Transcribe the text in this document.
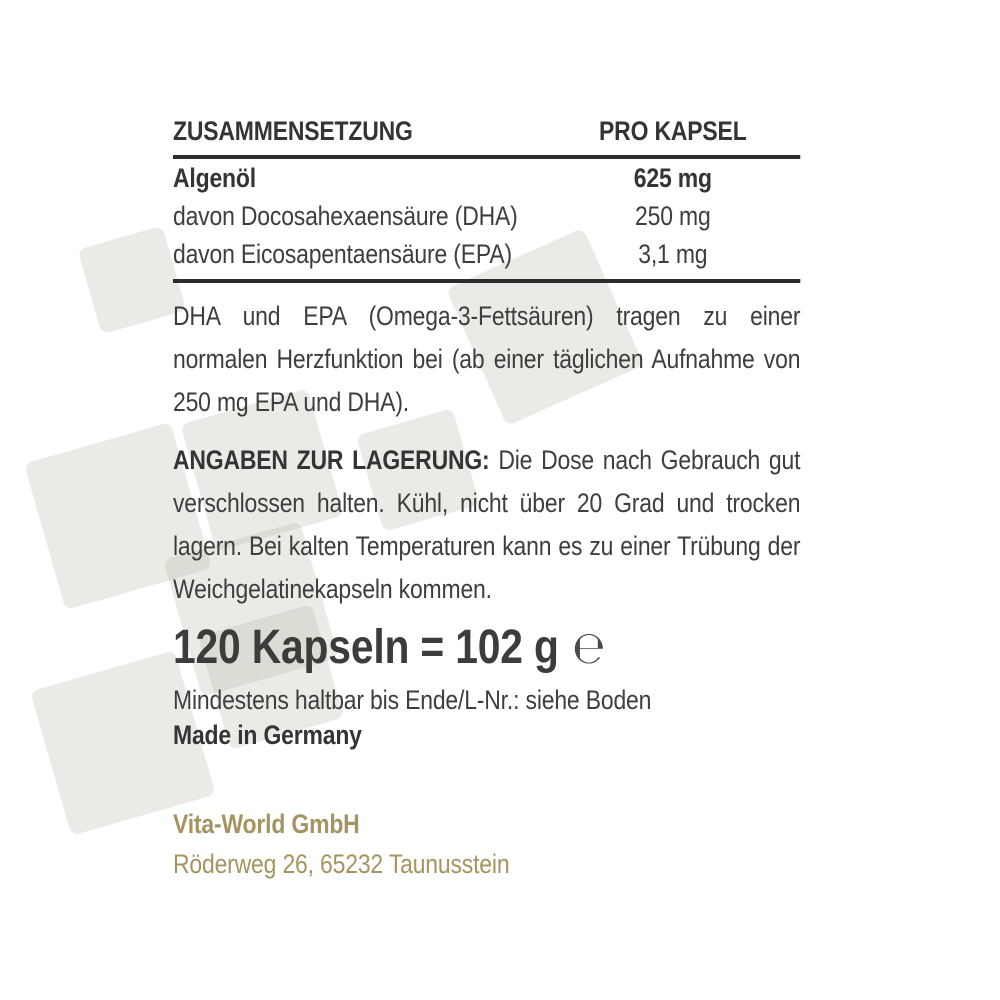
ZUSAMMENSETZUNG	PRO KAPSEL
Algenöl	625 mg
davon Docosahexaensäure (DHA)	250 mg
davon Eicosapentaensäure (EPA)	3,1 mg

DHA und EPA (Omega-3-Fettsäuren) tragen zu einer normalen Herzfunktion bei (ab einer täglichen Aufnahme von 250 mg EPA und DHA).

ANGABEN ZUR LAGERUNG: Die Dose nach Gebrauch gut verschlossen halten. Kühl, nicht über 20 Grad und trocken lagern. Bei kalten Temperaturen kann es zu einer Trübung der Weichgelatinekapseln kommen.

120 Kapseln = 102 g ℮
Mindestens haltbar bis Ende/L-Nr.: siehe Boden
Made in Germany
Vita-World GmbH
Röderweg 26, 65232 Taunusstein
